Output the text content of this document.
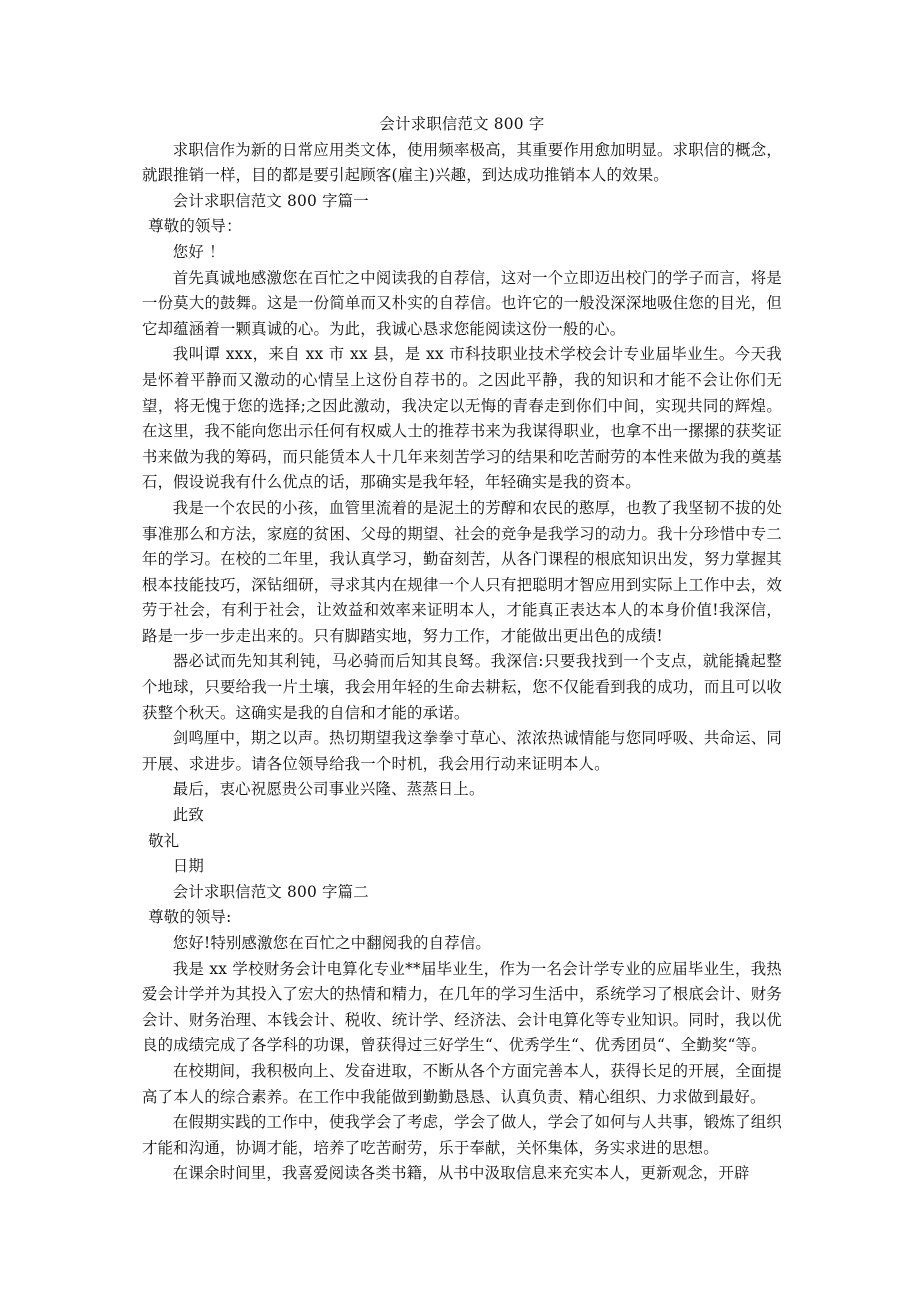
会计求职信范文 800 字

求职信作为新的日常应用类文体，使用频率极高，其重要作用愈加明显。求职信的概念，就跟推销一样，目的都是要引起顾客(雇主)兴趣，到达成功推销本人的效果。

会计求职信范文 800 字篇一

尊敬的领导：

您好 ！

首先真诚地感激您在百忙之中阅读我的自荐信，这对一个立即迈出校门的学子而言，将是一份莫大的鼓舞。这是一份简单而又朴实的自荐信。也许它的一般没深深地吸住您的目光，但它却蕴涵着一颗真诚的心。为此，我诚心恳求您能阅读这份一般的心。

我叫谭 xxx，来自 xx 市 xx 县，是 xx 市科技职业技术学校会计专业届毕业生。今天我是怀着平静而又激动的心情呈上这份自荐书的。之因此平静，我的知识和才能不会让你们无望，将无愧于您的选择;之因此激动，我决定以无悔的青春走到你们中间，实现共同的辉煌。在这里，我不能向您出示任何有权威人士的推荐书来为我谋得职业，也拿不出一摞摞的获奖证书来做为我的筹码，而只能赁本人十几年来刻苦学习的结果和吃苦耐劳的本性来做为我的奠基石，假设说我有什么优点的话，那确实是我年轻，年轻确实是我的资本。

我是一个农民的小孩，血管里流着的是泥土的芳醇和农民的憨厚，也教了我坚韧不拔的处事准那么和方法，家庭的贫困、父母的期望、社会的竞争是我学习的动力。我十分珍惜中专二年的学习。在校的二年里，我认真学习，勤奋刻苦，从各门课程的根底知识出发，努力掌握其根本技能技巧，深钻细研，寻求其内在规律一个人只有把聪明才智应用到实际上工作中去，效劳于社会，有利于社会，让效益和效率来证明本人，才能真正表达本人的本身价值!我深信，路是一步一步走出来的。只有脚踏实地，努力工作，才能做出更出色的成绩!

器必试而先知其利钝，马必骑而后知其良驽。我深信:只要我找到一个支点，就能撬起整个地球，只要给我一片土壤，我会用年轻的生命去耕耘，您不仅能看到我的成功，而且可以收获整个秋天。这确实是我的自信和才能的承诺。

剑鸣厘中，期之以声。热切期望我这拳拳寸草心、浓浓热诚情能与您同呼吸、共命运、同开展、求进步。请各位领导给我一个时机，我会用行动来证明本人。

最后，衷心祝愿贵公司事业兴隆、蒸蒸日上。

此致

敬礼

日期

会计求职信范文 800 字篇二

尊敬的领导:

您好!特别感激您在百忙之中翻阅我的自荐信。

我是 xx 学校财务会计电算化专业**届毕业生，作为一名会计学专业的应届毕业生，我热爱会计学并为其投入了宏大的热情和精力，在几年的学习生活中，系统学习了根底会计、财务会计、财务治理、本钱会计、税收、统计学、经济法、会计电算化等专业知识。同时，我以优良的成绩完成了各学科的功课，曾获得过三好学生“、优秀学生“、优秀团员“、全勤奖“等。

在校期间，我积极向上、发奋进取，不断从各个方面完善本人，获得长足的开展，全面提高了本人的综合素养。在工作中我能做到勤勤恳恳、认真负责、精心组织、力求做到最好。

在假期实践的工作中，使我学会了考虑，学会了做人，学会了如何与人共事，锻炼了组织才能和沟通，协调才能，培养了吃苦耐劳，乐于奉献，关怀集体，务实求进的思想。

在课余时间里，我喜爱阅读各类书籍，从书中汲取信息来充实本人，更新观念，开辟
